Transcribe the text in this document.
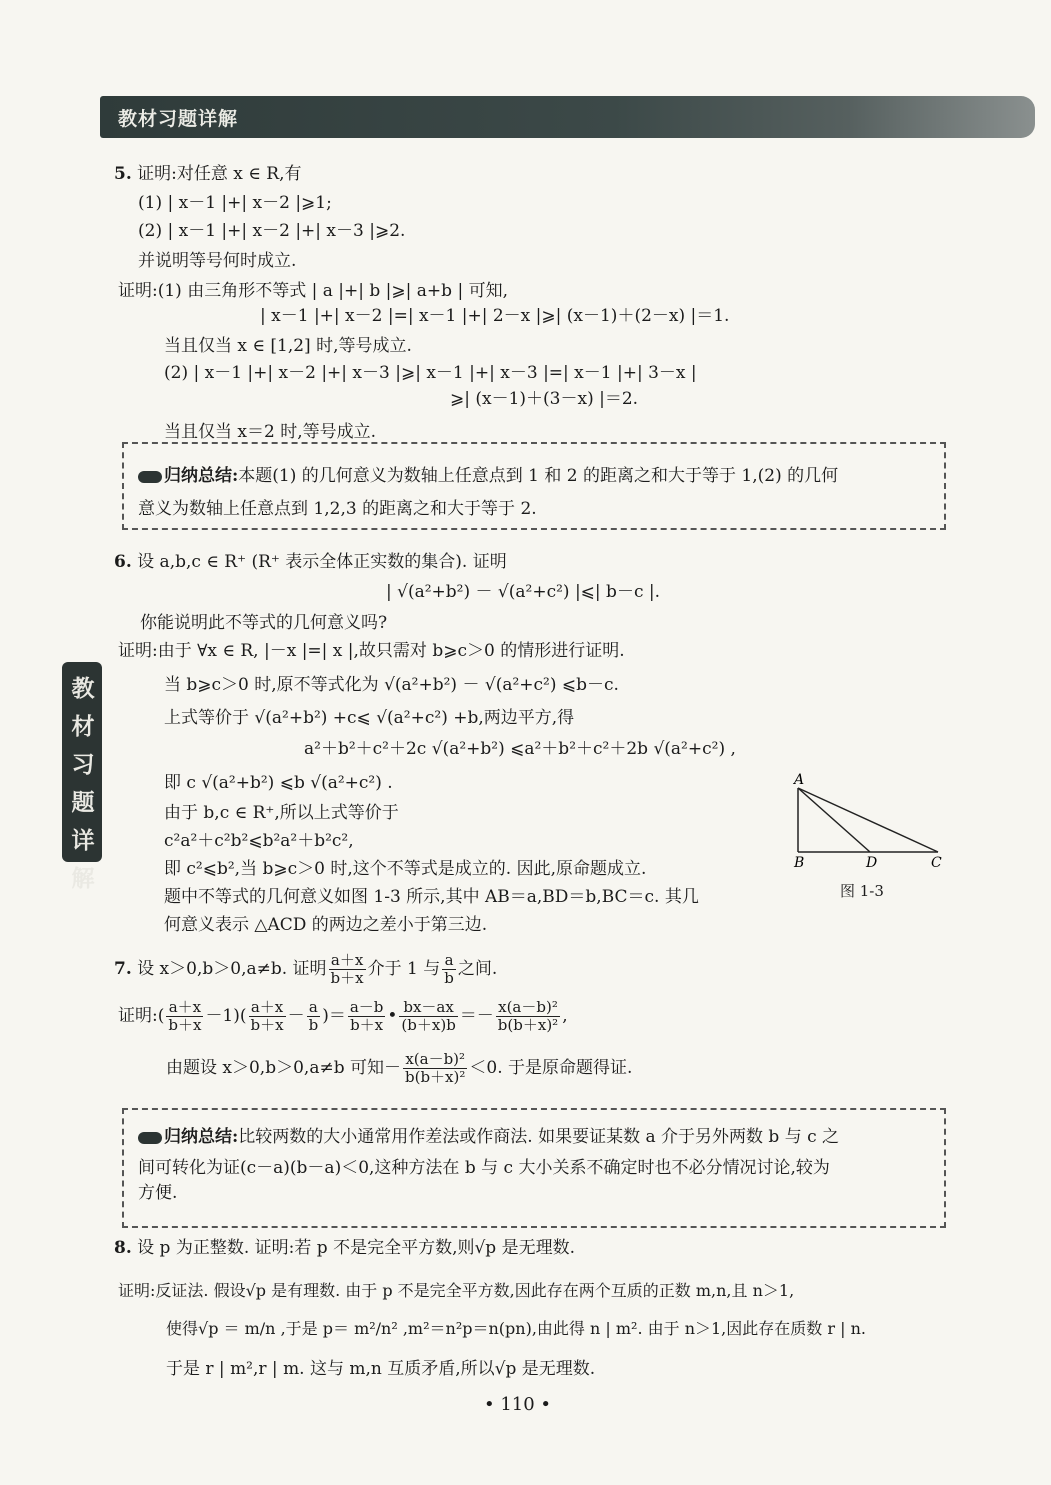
教材习题详解
教材习题详解
5. 证明:对任意 x ∈ R,有
(1) | x－1 |+| x－2 |⩾1;
(2) | x－1 |+| x－2 |+| x－3 |⩾2.
并说明等号何时成立.
证明:(1) 由三角形不等式 | a |+| b |⩾| a+b | 可知,
| x－1 |+| x－2 |=| x－1 |+| 2－x |⩾| (x－1)＋(2－x) |＝1.
当且仅当 x ∈ [1,2] 时,等号成立.
(2) | x－1 |+| x－2 |+| x－3 |⩾| x－1 |+| x－3 |=| x－1 |+| 3－x |
⩾| (x－1)＋(3－x) |＝2.
当且仅当 x＝2 时,等号成立.
归纳总结:本题(1) 的几何意义为数轴上任意点到 1 和 2 的距离之和大于等于 1,(2) 的几何
意义为数轴上任意点到 1,2,3 的距离之和大于等于 2.
6. 设 a,b,c ∈ R⁺ (R⁺ 表示全体正实数的集合). 证明
| √(a²+b²) － √(a²+c²) |⩽| b－c |.
你能说明此不等式的几何意义吗?
证明:由于 ∀x ∈ R, |－x |=| x |,故只需对 b⩾c＞0 的情形进行证明.
当 b⩾c＞0 时,原不等式化为 √(a²+b²) － √(a²+c²) ⩽b－c.
上式等价于 √(a²+b²) +c⩽ √(a²+c²) +b,两边平方,得
a²＋b²＋c²＋2c √(a²+b²) ⩽a²＋b²＋c²＋2b √(a²+c²) ,
即 c √(a²+b²) ⩽b √(a²+c²) .
由于 b,c ∈ R⁺,所以上式等价于
c²a²＋c²b²⩽b²a²＋b²c²,
即 c²⩽b²,当 b⩾c＞0 时,这个不等式是成立的. 因此,原命题成立.
题中不等式的几何意义如图 1-3 所示,其中 AB＝a,BD＝b,BC＝c. 其几
何意义表示 △ACD 的两边之差小于第三边.
A
B	D	C
图 1-3
7. 设 x＞0,b＞0,a≠b. 证明 $\frac{a+x}{b+x}$ 介于 1 与 $\frac{a}{b}$ 之间.
证明:( $\frac{a+x}{b+x} -1)( \frac{a+x}{b+x} - \frac{a}{b}$ )＝ $\frac{a-b}{b+x}$ • $\frac{bx-ax}{(b+x)b} =- \frac{\text{x(a－b)²}}{\text{b(b＋x)²}}$ ,
由题设 x＞0,b＞0,a≠b 可知－ $\frac{\text{x(a－b)²}}{\text{b(b＋x)²}} <0$. 于是原命题得证.
归纳总结:比较两数的大小通常用作差法或作商法. 如果要证某数 a 介于另外两数 b 与 c 之
间可转化为证(c－a)(b－a)＜0,这种方法在 b 与 c 大小关系不确定时也不必分情况讨论,较为
方便.
8. 设 p 为正整数. 证明:若 p 不是完全平方数,则√p 是无理数.
证明:反证法. 假设√p 是有理数. 由于 p 不是完全平方数,因此存在两个互质的正数 m,n,且 n＞1,
使得√p ＝ m/n ,于是 p＝ m²/n² ,m²＝n²p＝n(pn),由此得 n | m². 由于 n＞1,因此存在质数 r | n.
于是 r | m²,r | m. 这与 m,n 互质矛盾,所以√p 是无理数.
• 110 •
